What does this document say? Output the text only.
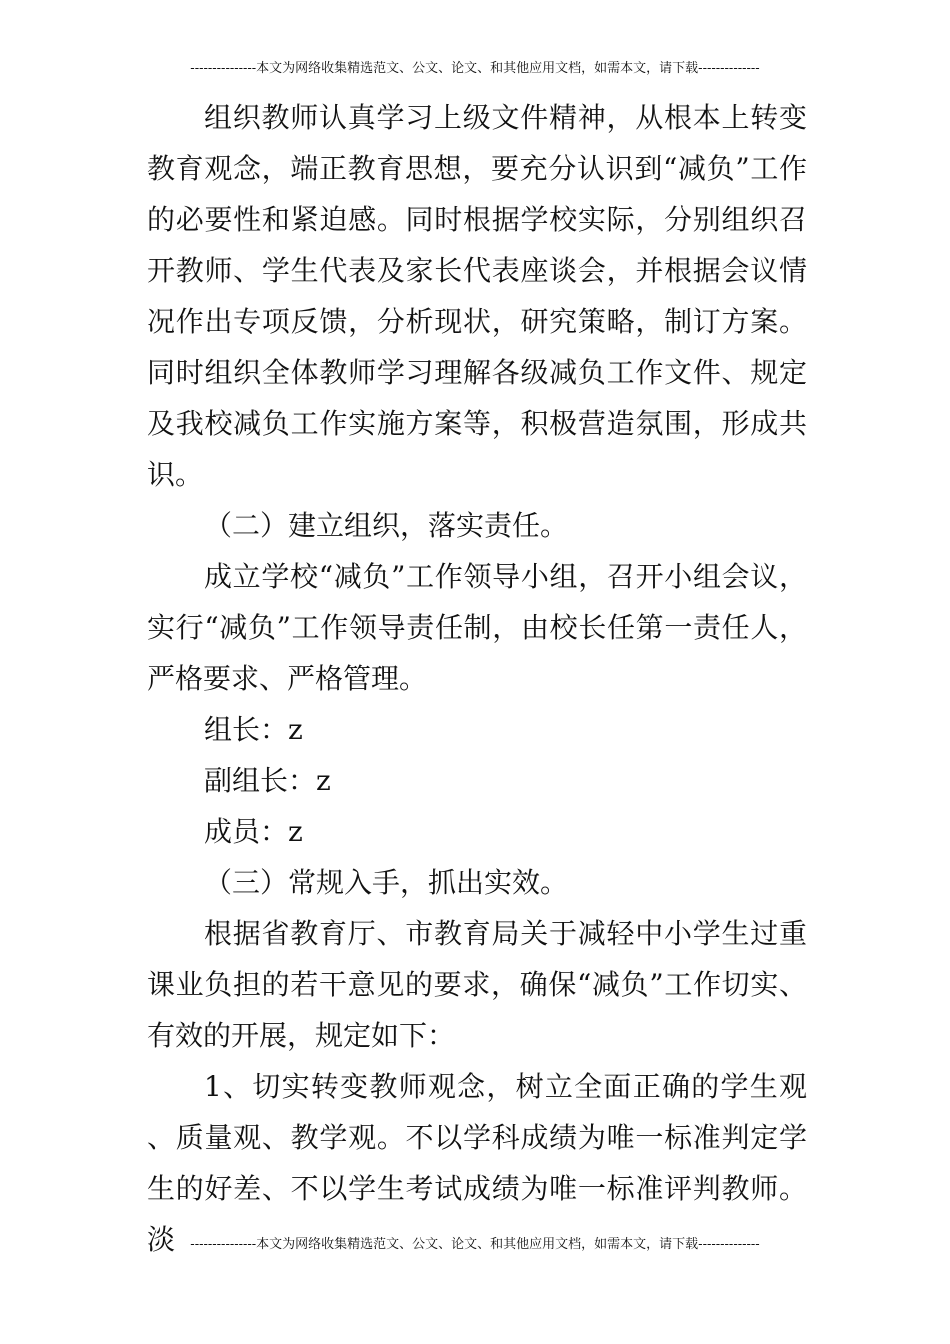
---------------本文为网络收集精选范文、公文、论文、和其他应用文档，如需本文，请下载--------------

组织教师认真学习上级文件精神，从根本上转变教育观念，端正教育思想，要充分认识到“减负”工作的必要性和紧迫感。同时根据学校实际，分别组织召开教师、学生代表及家长代表座谈会，并根据会议情况作出专项反馈，分析现状，研究策略，制订方案。同时组织全体教师学习理解各级减负工作文件、规定及我校减负工作实施方案等，积极营造氛围，形成共识。

（二）建立组织，落实责任。

成立学校“减负”工作领导小组，召开小组会议，实行“减负”工作领导责任制，由校长任第一责任人，严格要求、严格管理。

组长：z

副组长：z

成员：z

（三）常规入手，抓出实效。

根据省教育厅、市教育局关于减轻中小学生过重课业负担的若干意见的要求，确保“减负”工作切实、有效的开展，规定如下：

1、切实转变教师观念，树立全面正确的学生观、质量观、教学观。不以学科成绩为唯一标准判定学生的好差、不以学生考试成绩为唯一标准评判教师。淡	---------------本文为网络收集精选范文、公文、论文、和其他应用文档，如需本文，请下载--------------
